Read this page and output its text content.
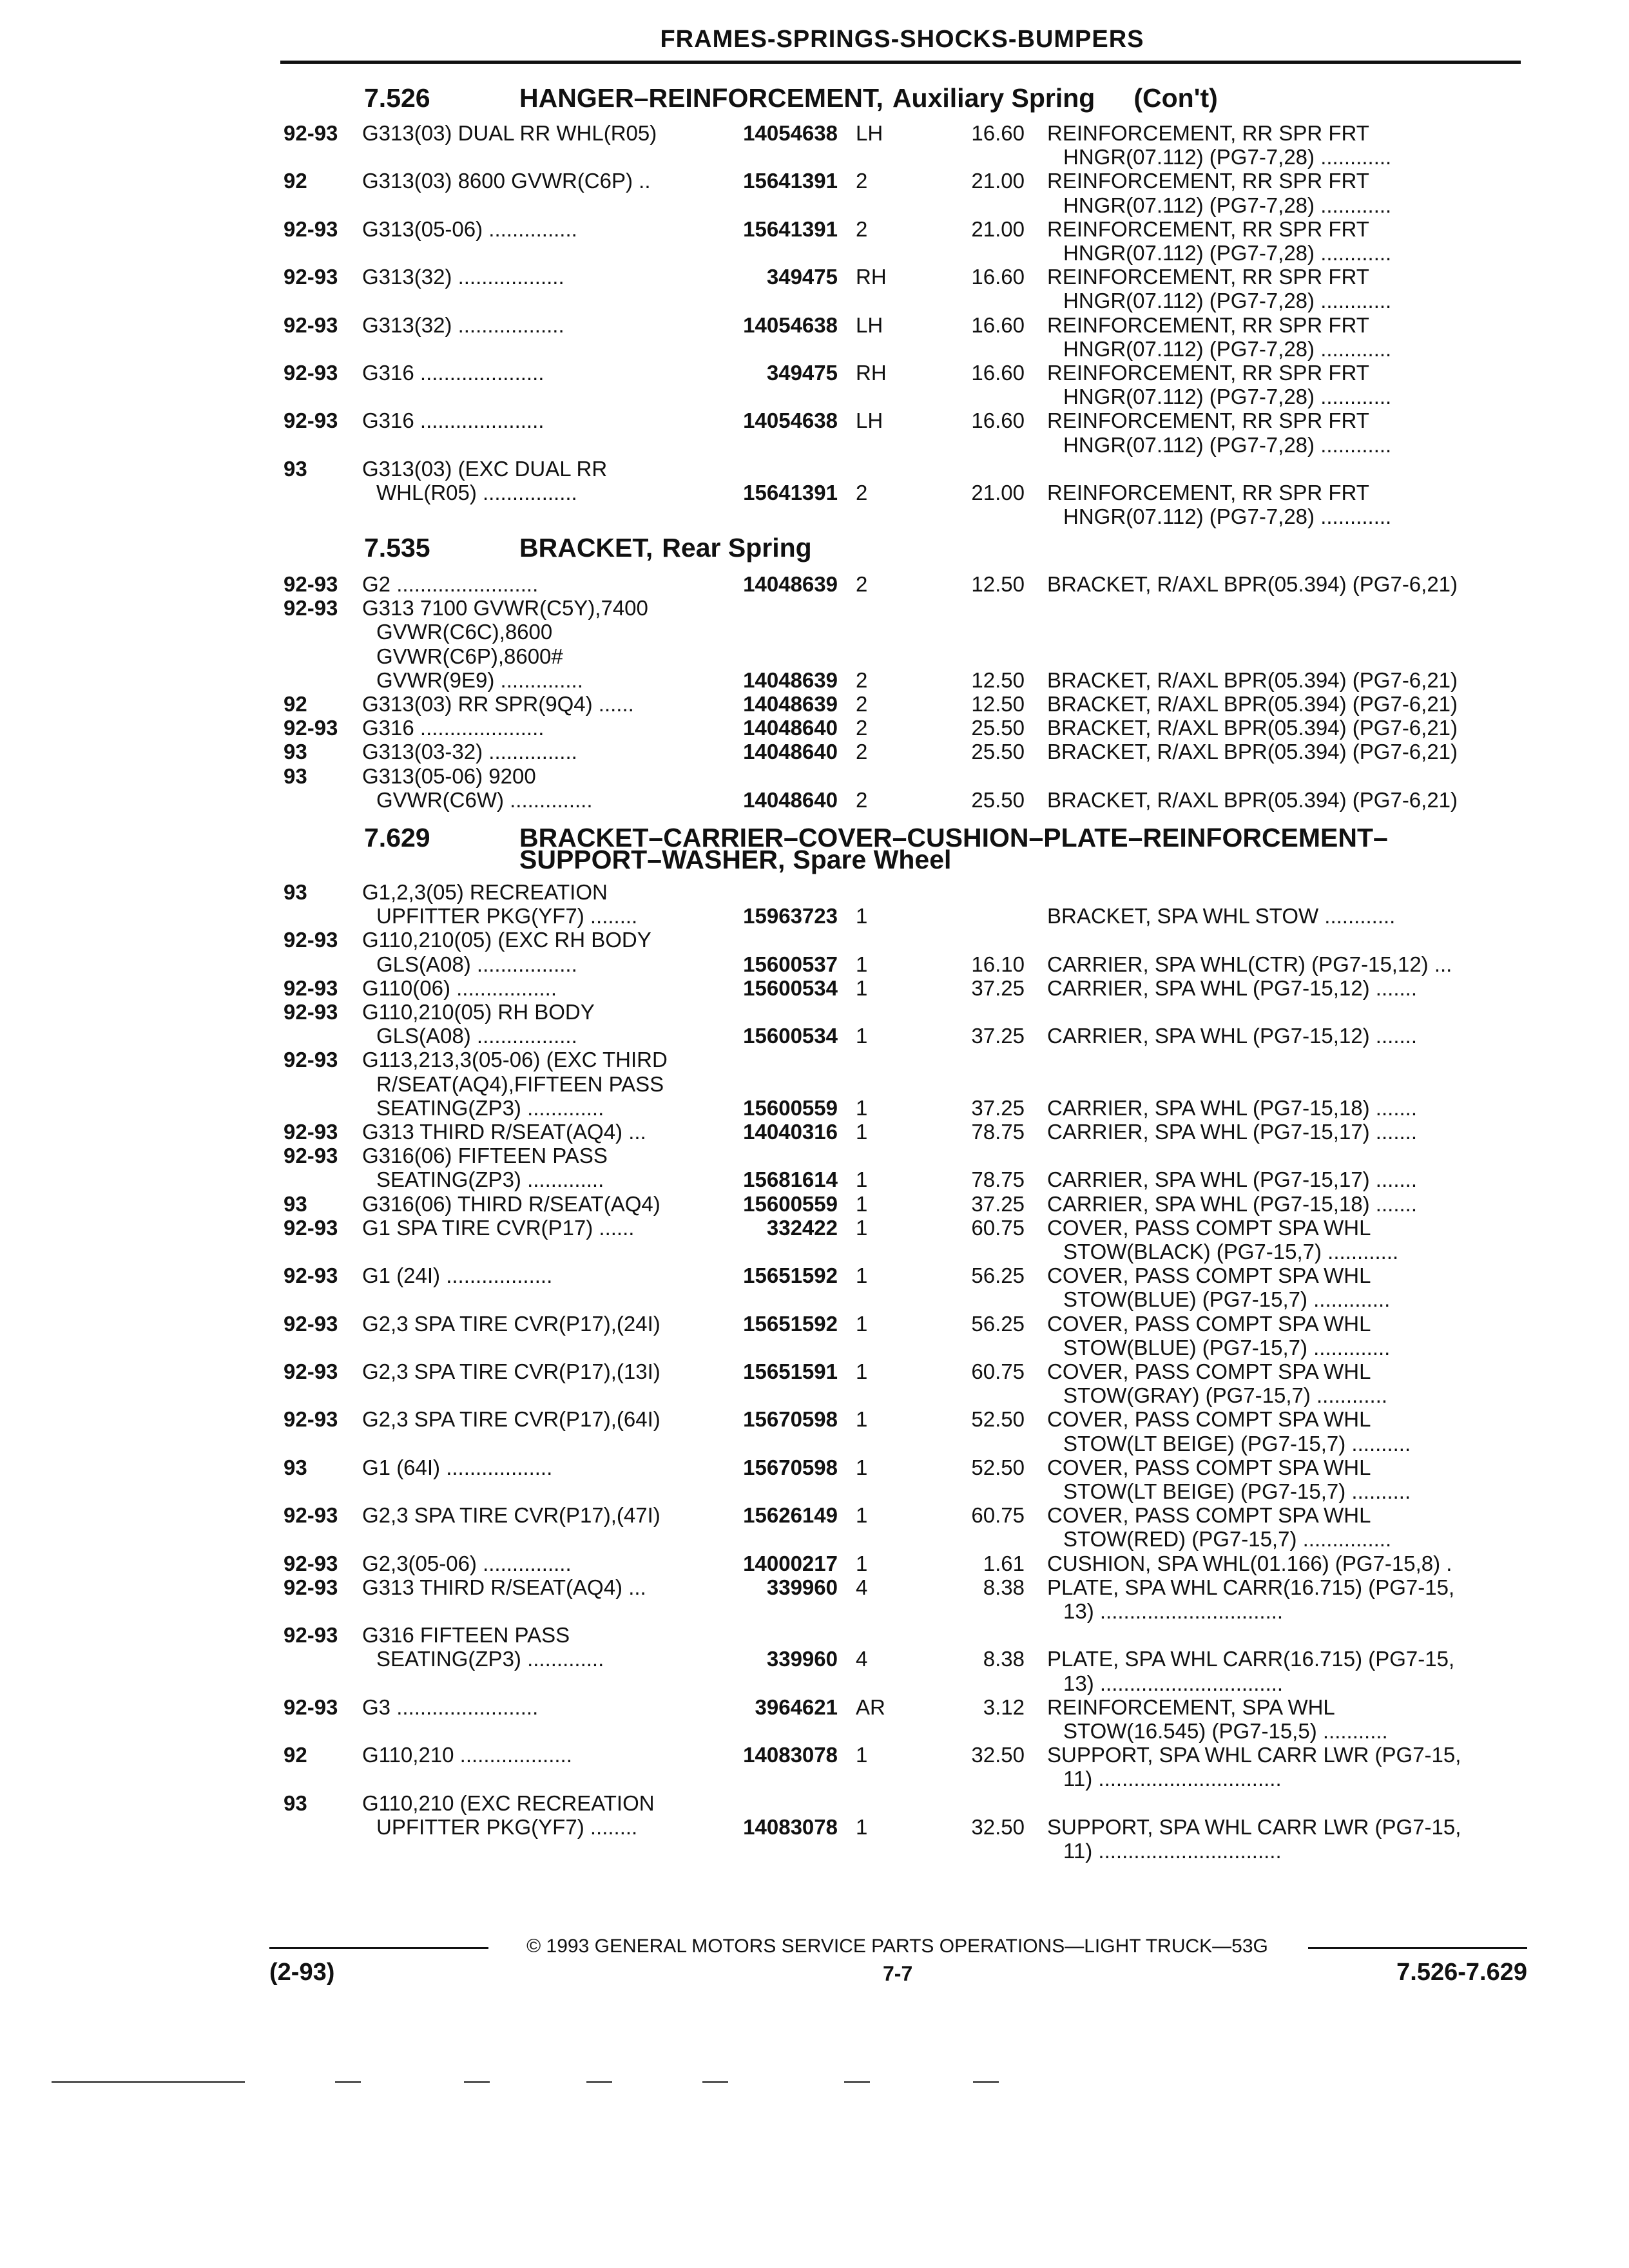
FRAMES-SPRINGS-SHOCKS-BUMPERS
7.526	HANGER–REINFORCEMENT, Auxiliary Spring (Con't)
92-93 G313(03) DUAL RR WHL(R05)	14054638 LH	16.60 REINFORCEMENT, RR SPR FRT
HNGR(07.112) (PG7-7,28) ............
92	G313(03) 8600 GVWR(C6P) ..	15641391 2	21.00 REINFORCEMENT, RR SPR FRT
HNGR(07.112) (PG7-7,28) ............
92-93 G313(05-06) ...............	15641391 2	21.00 REINFORCEMENT, RR SPR FRT
HNGR(07.112) (PG7-7,28) ............
92-93 G313(32) ..................	349475 RH	16.60 REINFORCEMENT, RR SPR FRT
HNGR(07.112) (PG7-7,28) ............
92-93 G313(32) ..................	14054638 LH	16.60 REINFORCEMENT, RR SPR FRT
HNGR(07.112) (PG7-7,28) ............
92-93 G316 .....................	349475 RH	16.60 REINFORCEMENT, RR SPR FRT
HNGR(07.112) (PG7-7,28) ............
92-93 G316 .....................	14054638 LH	16.60 REINFORCEMENT, RR SPR FRT
HNGR(07.112) (PG7-7,28) ............
93	G313(03) (EXC DUAL RR
WHL(R05) ................	15641391 2	21.00 REINFORCEMENT, RR SPR FRT
HNGR(07.112) (PG7-7,28) ............
7.535	BRACKET, Rear Spring
92-93 G2 ........................	14048639 2	12.50 BRACKET, R/AXL BPR(05.394) (PG7-6,21)
92-93 G313 7100 GVWR(C5Y),7400
GVWR(C6C),8600
GVWR(C6P),8600#
GVWR(9E9) ..............	14048639 2	12.50 BRACKET, R/AXL BPR(05.394) (PG7-6,21)
92	G313(03) RR SPR(9Q4) ......	14048639 2	12.50 BRACKET, R/AXL BPR(05.394) (PG7-6,21)
92-93 G316 .....................	14048640 2	25.50 BRACKET, R/AXL BPR(05.394) (PG7-6,21)
93	G313(03-32) ...............	14048640 2	25.50 BRACKET, R/AXL BPR(05.394) (PG7-6,21)
93	G313(05-06) 9200
GVWR(C6W) ..............	14048640 2	25.50 BRACKET, R/AXL BPR(05.394) (PG7-6,21)
7.629	BRACKET–CARRIER–COVER–CUSHION–PLATE–REINFORCEMENT–
SUPPORT–WASHER, Spare Wheel
93	G1,2,3(05) RECREATION
UPFITTER PKG(YF7) ........	15963723 1	BRACKET, SPA WHL STOW ............
92-93 G110,210(05) (EXC RH BODY
GLS(A08) .................	15600537 1	16.10 CARRIER, SPA WHL(CTR) (PG7-15,12) ...
92-93 G110(06) .................	15600534 1	37.25 CARRIER, SPA WHL (PG7-15,12) .......
92-93 G110,210(05) RH BODY
GLS(A08) .................	15600534 1	37.25 CARRIER, SPA WHL (PG7-15,12) .......
92-93 G113,213,3(05-06) (EXC THIRD
R/SEAT(AQ4),FIFTEEN PASS
SEATING(ZP3) .............	15600559 1	37.25 CARRIER, SPA WHL (PG7-15,18) .......
92-93 G313 THIRD R/SEAT(AQ4) ...	14040316 1	78.75 CARRIER, SPA WHL (PG7-15,17) .......
92-93 G316(06) FIFTEEN PASS
SEATING(ZP3) .............	15681614 1	78.75 CARRIER, SPA WHL (PG7-15,17) .......
93	G316(06) THIRD R/SEAT(AQ4)	15600559 1	37.25 CARRIER, SPA WHL (PG7-15,18) .......
92-93 G1 SPA TIRE CVR(P17) ......	332422 1	60.75 COVER, PASS COMPT SPA WHL
STOW(BLACK) (PG7-15,7) ............
92-93 G1 (24I) ..................	15651592 1	56.25 COVER, PASS COMPT SPA WHL
STOW(BLUE) (PG7-15,7) .............
92-93 G2,3 SPA TIRE CVR(P17),(24I)	15651592 1	56.25 COVER, PASS COMPT SPA WHL
STOW(BLUE) (PG7-15,7) .............
92-93 G2,3 SPA TIRE CVR(P17),(13I)	15651591 1	60.75 COVER, PASS COMPT SPA WHL
STOW(GRAY) (PG7-15,7) ............
92-93 G2,3 SPA TIRE CVR(P17),(64I)	15670598 1	52.50 COVER, PASS COMPT SPA WHL
STOW(LT BEIGE) (PG7-15,7) ..........
93	G1 (64I) ..................	15670598 1	52.50 COVER, PASS COMPT SPA WHL
STOW(LT BEIGE) (PG7-15,7) ..........
92-93 G2,3 SPA TIRE CVR(P17),(47I)	15626149 1	60.75 COVER, PASS COMPT SPA WHL
STOW(RED) (PG7-15,7) ...............
92-93 G2,3(05-06) ...............	14000217 1	1.61 CUSHION, SPA WHL(01.166) (PG7-15,8) .
92-93 G313 THIRD R/SEAT(AQ4) ...	339960 4	8.38 PLATE, SPA WHL CARR(16.715) (PG7-15,
13) ...............................
92-93 G316 FIFTEEN PASS
SEATING(ZP3) .............	339960 4	8.38 PLATE, SPA WHL CARR(16.715) (PG7-15,
13) ...............................
92-93 G3 ........................	3964621 AR	3.12 REINFORCEMENT, SPA WHL
STOW(16.545) (PG7-15,5) ...........
92	G110,210 ...................	14083078 1	32.50 SUPPORT, SPA WHL CARR LWR (PG7-15,
11) ...............................
93	G110,210 (EXC RECREATION
UPFITTER PKG(YF7) ........	14083078 1	32.50 SUPPORT, SPA WHL CARR LWR (PG7-15,
11) ...............................
© 1993 GENERAL MOTORS SERVICE PARTS OPERATIONS—LIGHT TRUCK—53G
(2-93)	7-7	7.526-7.629
